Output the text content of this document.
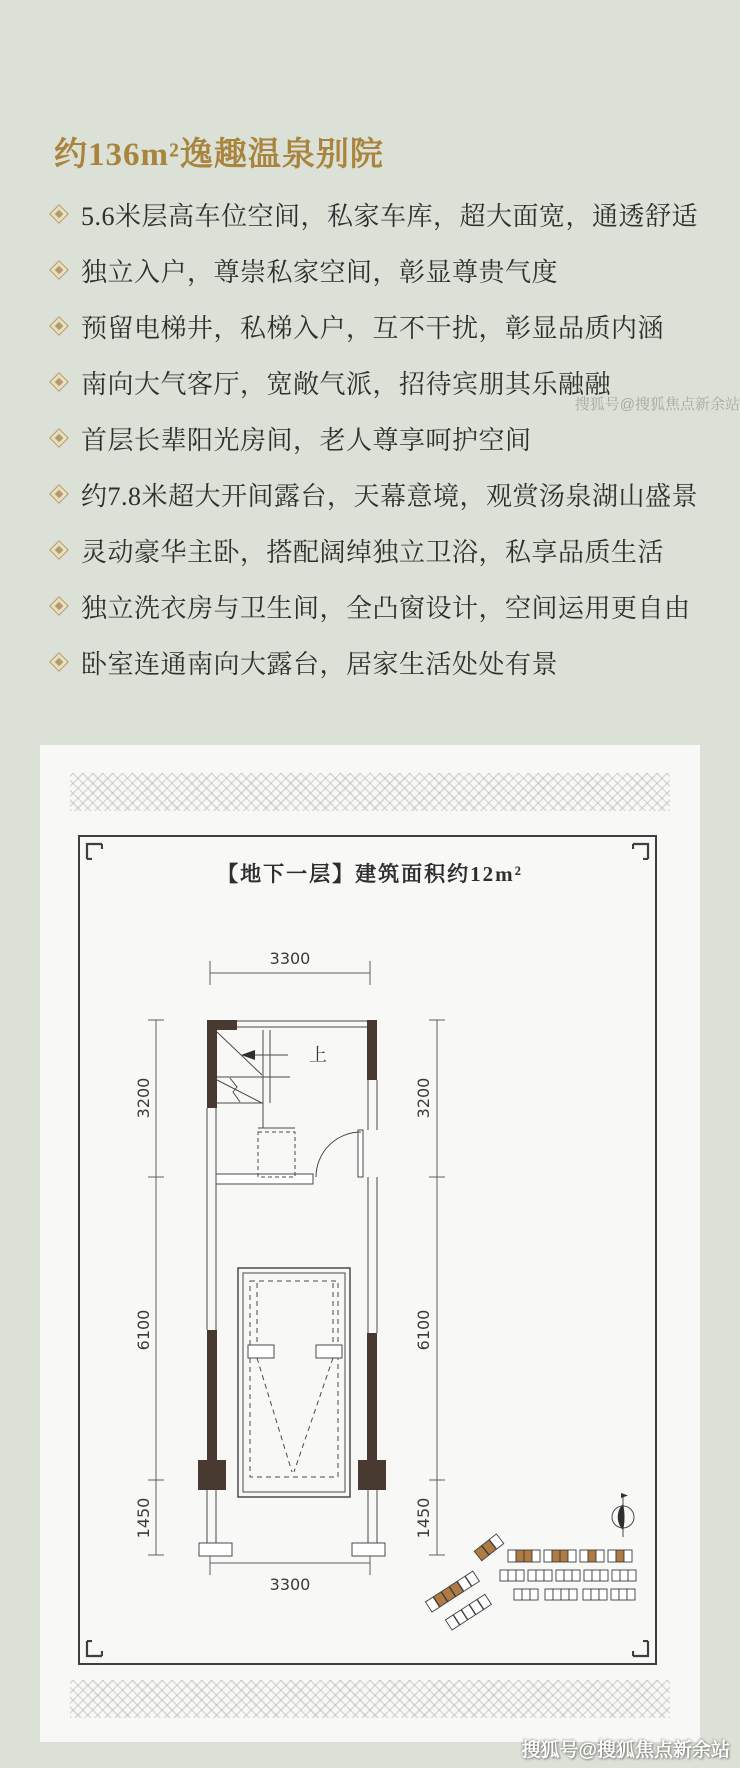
约136m²逸趣温泉别院
5.6米层高车位空间，私家车库，超大面宽，通透舒适
独立入户，尊崇私家空间，彰显尊贵气度
预留电梯井，私梯入户，互不干扰，彰显品质内涵
南向大气客厅，宽敞气派，招待宾朋其乐融融
首层长辈阳光房间，老人尊享呵护空间
约7.8米超大开间露台，天幕意境，观赏汤泉湖山盛景
灵动豪华主卧，搭配阔绰独立卫浴，私享品质生活
独立洗衣房与卫生间，全凸窗设计，空间运用更自由
卧室连通南向大露台，居家生活处处有景
搜狐号@搜狐焦点新余站
【地下一层】建筑面积约12m²
3300
3300
3200
6100
1450
3200
6100
1450
上
搜狐号@搜狐焦点新余站
